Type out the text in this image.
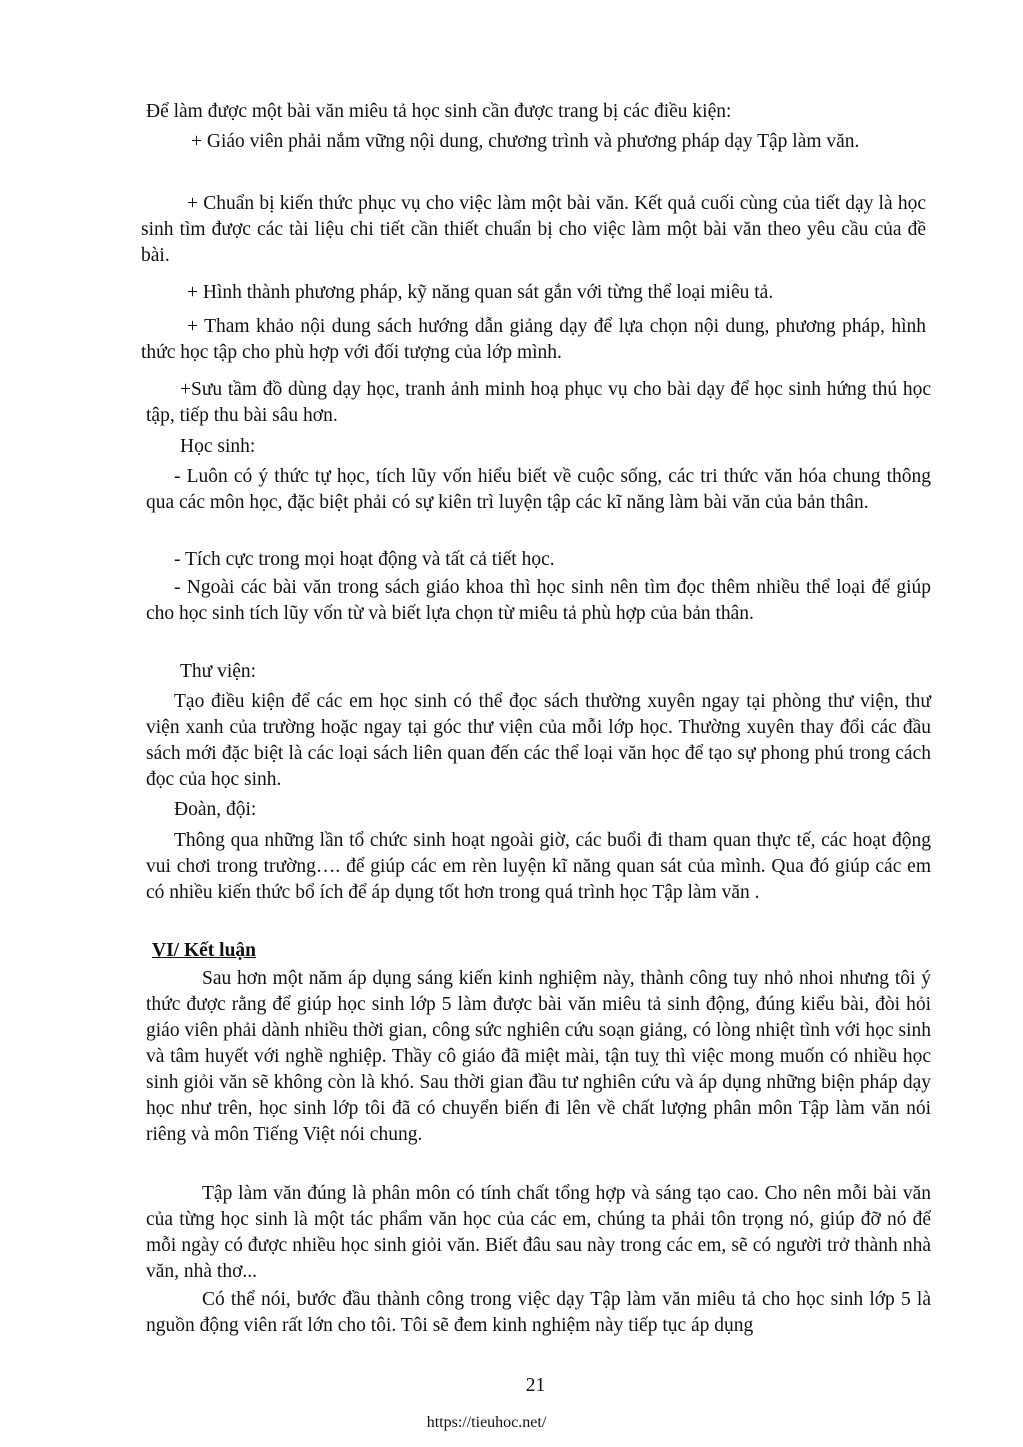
Để làm được một bài văn miêu tả học sinh cần được trang bị các điều kiện:

+ Giáo viên phải nắm vững nội dung, chương trình và phương pháp dạy Tập làm văn.

+ Chuẩn bị kiến thức phục vụ cho việc làm một bài văn. Kết quả cuối cùng của tiết dạy là học sinh tìm được các tài liệu chi tiết cần thiết chuẩn bị cho việc làm một bài văn theo yêu cầu của đề bài.

+ Hình thành phương pháp, kỹ năng quan sát gắn với từng thể loại miêu tả.

+ Tham khảo nội dung sách hướng dẫn giảng dạy để lựa chọn nội dung, phương pháp, hình thức học tập cho phù hợp với đối tượng của lớp mình.

+Sưu tầm đồ dùng dạy học, tranh ảnh minh hoạ phục vụ cho bài dạy để học sinh hứng thú học tập, tiếp thu bài sâu hơn.

Học sinh:

- Luôn có ý thức tự học, tích lũy vốn hiểu biết về cuộc sống, các tri thức văn hóa chung thông qua các môn học, đặc biệt phải có sự kiên trì luyện tập các kĩ năng làm bài văn của bản thân.

- Tích cực trong mọi hoạt động và tất cả tiết học.

- Ngoài các bài văn trong sách giáo khoa thì học sinh nên tìm đọc thêm nhiều thể loại để giúp cho học sinh tích lũy vốn từ và biết lựa chọn từ miêu tả phù hợp của bản thân.

Thư viện:

Tạo điều kiện để các em học sinh có thể đọc sách thường xuyên ngay tại phòng thư viện, thư viện xanh của trường hoặc ngay tại góc thư viện của mỗi lớp học. Thường xuyên thay đổi các đầu sách mới đặc biệt là các loại sách liên quan đến các thể loại văn học để tạo sự phong phú trong cách đọc của học sinh.

Đoàn, đội:

Thông qua những lần tổ chức sinh hoạt ngoài giờ, các buổi đi tham quan thực tế, các hoạt động vui chơi trong trường…. để giúp các em rèn luyện kĩ năng quan sát của mình. Qua đó giúp các em có nhiều kiến thức bổ ích để áp dụng tốt hơn trong quá trình học Tập làm văn .

VI/ Kết luận

Sau hơn một năm áp dụng sáng kiến kinh nghiệm này, thành công tuy nhỏ nhoi nhưng tôi ý thức được rằng để giúp học sinh lớp 5 làm được bài văn miêu tả sinh động, đúng kiểu bài, đòi hỏi giáo viên phải dành nhiều thời gian, công sức nghiên cứu soạn giảng, có lòng nhiệt tình với học sinh và tâm huyết với nghề nghiệp. Thầy cô giáo đã miệt mài, tận tuỵ thì việc mong muốn có nhiều học sinh giỏi văn sẽ không còn là khó. Sau thời gian đầu tư nghiên cứu và áp dụng những biện pháp dạy học như trên, học sinh lớp tôi đã có chuyển biến đi lên về chất lượng phân môn Tập làm văn nói riêng và môn Tiếng Việt nói chung.

Tập làm văn đúng là phân môn có tính chất tổng hợp và sáng tạo cao. Cho nên mỗi bài văn của từng học sinh là một tác phẩm văn học của các em, chúng ta phải tôn trọng nó, giúp đỡ nó để mỗi ngày có được nhiều học sinh giỏi văn. Biết đâu sau này trong các em, sẽ có người trở thành nhà văn, nhà thơ...

Có thể nói, bước đầu thành công trong việc dạy Tập làm văn miêu tả cho học sinh lớp 5 là nguồn động viên rất lớn cho tôi. Tôi sẽ đem kinh nghiệm này tiếp tục áp dụng

21

https://tieuhoc.net/
